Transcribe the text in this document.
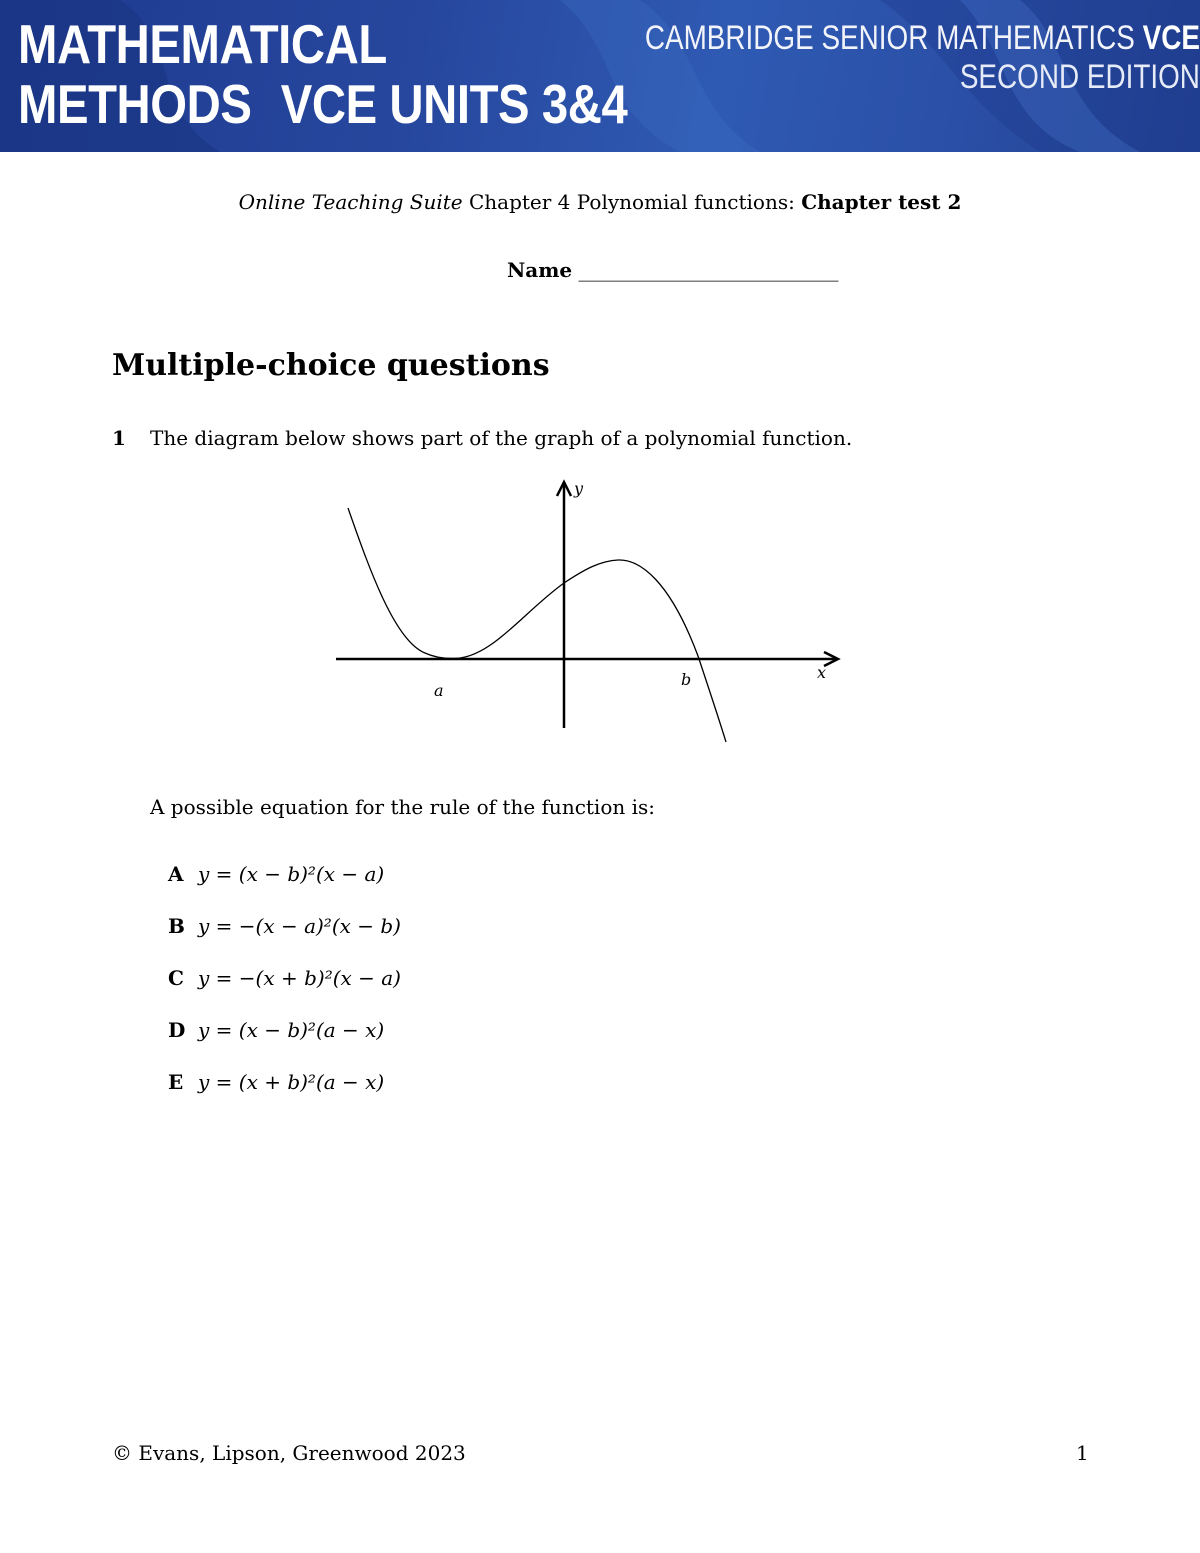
MATHEMATICAL
METHODS VCE UNITS 3&4
CAMBRIDGE SENIOR MATHEMATICS VCE
SECOND EDITION
Online Teaching Suite Chapter 4 Polynomial functions: Chapter test 2
Name __________________________
Multiple-choice questions
1 The diagram below shows part of the graph of a polynomial function.
y
x
a
b
A possible equation for the rule of the function is:
A y = (x − b)²(x − a)
B y = −(x − a)²(x − b)
C y = −(x + b)²(x − a)
D y = (x − b)²(a − x)
E y = (x + b)²(a − x)
© Evans, Lipson, Greenwood 2023	1
